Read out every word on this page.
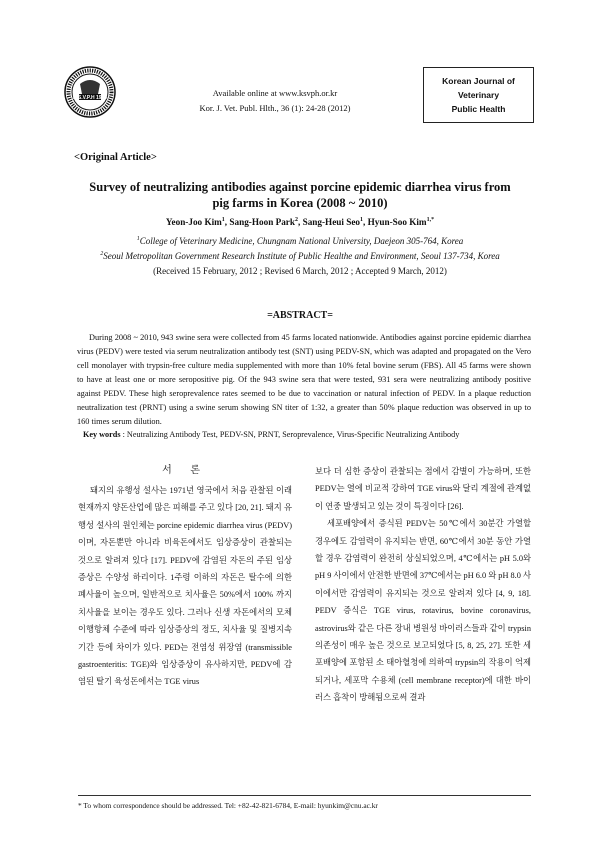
K.S.V.P.H 1976	Available online at www.ksvph.or.kr
Kor. J. Vet. Publ. Hlth., 36 (1): 24-28 (2012)
Korean Journal of
Veterinary
Public Health
<Original Article>
Survey of neutralizing antibodies against porcine epidemic diarrhea virus from
pig farms in Korea (2008 ~ 2010)
Yeon-Joo Kim$^1$, Sang-Hoon Park$^2$, Sang-Heui Seo$^1$, Hyun-Soo Kim$^{1,*}$
$^1$College of Veterinary Medicine, Chungnam National University, Daejeon 305-764, Korea
$^2$Seoul Metropolitan Government Research Institute of Public Healthe and Environment, Seoul 137-734, Korea
(Received 15 February, 2012 ; Revised 6 March, 2012 ; Accepted 9 March, 2012)
=ABSTRACT=
During 2008 ~ 2010, 943 swine sera were collected from 45 farms located nationwide. Antibodies against porcine epidemic diarrhea virus (PEDV) were tested via serum neutralization antibody test (SNT) using PEDV-SN, which was adapted and propagated on the Vero cell monolayer with trypsin-free culture media supplemented with more than 10% fetal bovine serum (FBS). All 45 farms were shown to have at least one or more seropositive pig. Of the 943 swine sera that were tested, 931 sera were neutralizing antibody positive against PEDV. These high seroprevalence rates seemed to be due to vaccination or natural infection of PEDV. In a plaque reduction neutralization test (PRNT) using a swine serum showing SN titer of 1:32, a greater than 50% plaque reduction was observed in up to 160 times serum dilution.
Key words : Neutralizing Antibody Test, PEDV-SN, PRNT, Seroprevalence, Virus-Specific Neutralizing Antibody
서 론

돼지의 유행성 설사는 1971년 영국에서 처음 관찰된 이래 현재까지 양돈산업에 많은 피해를 주고 있다 [20, 21]. 돼지 유행성 설사의 원인체는 porcine epidemic diarrhea virus (PEDV)이며, 자돈뿐만 아니라 비육돈에서도 임상증상이 관찰되는 것으로 알려져 있다 [17]. PEDV에 감염된 자돈의 주된 임상증상은 수양성 하리이다. 1주령 이하의 자돈은 탈수에 의한 폐사율이 높으며, 일반적으로 치사율은 50%에서 100% 까지 치사율을 보이는 경우도 있다. 그러나 신생 자돈에서의 모체 이행항체 수준에 따라 임상증상의 정도, 치사율 및 질병지속 기간 등에 차이가 있다. PED는 전염성 위장염 (transmissible gastroenteritis: TGE)와 임상증상이 유사하지만, PEDV에 감염된 탈기 육성돈에서는 TGE virus

보다 더 심한 증상이 관찰되는 점에서 감별이 가능하며, 또한 PEDV는 열에 비교적 강하여 TGE virus와 달리 계절에 관계없이 연중 발생되고 있는 것이 특징이다 [26].

세포배양에서 증식된 PEDV는 50℃에서 30분간 가열할 경우에도 감염력이 유지되는 반면, 60℃에서 30분 동안 가열할 경우 감염력이 완전히 상실되었으며, 4℃에서는 pH 5.0와 pH 9 사이에서 안전한 반면에 37℃에서는 pH 6.0 와 pH 8.0 사이에서만 감염력이 유지되는 것으로 알려져 있다 [4, 9, 18]. PEDV 증식은 TGE virus, rotavirus, bovine coronavirus, astrovirus와 같은 다른 장내 병원성 바이러스들과 같이 trypsin 의존성이 매우 높은 것으로 보고되었다 [5, 8, 25, 27]. 또한 세포배양에 포함된 소 태아혈청에 의하여 trypsin의 작용이 억제되거나, 세포막 수용체 (cell membrane receptor)에 대한 바이러스 흡착이 방해됨으로써 결과

* To whom correspondence should be addressed. Tel: +82-42-821-6784, E-mail: hyunkim@cnu.ac.kr
